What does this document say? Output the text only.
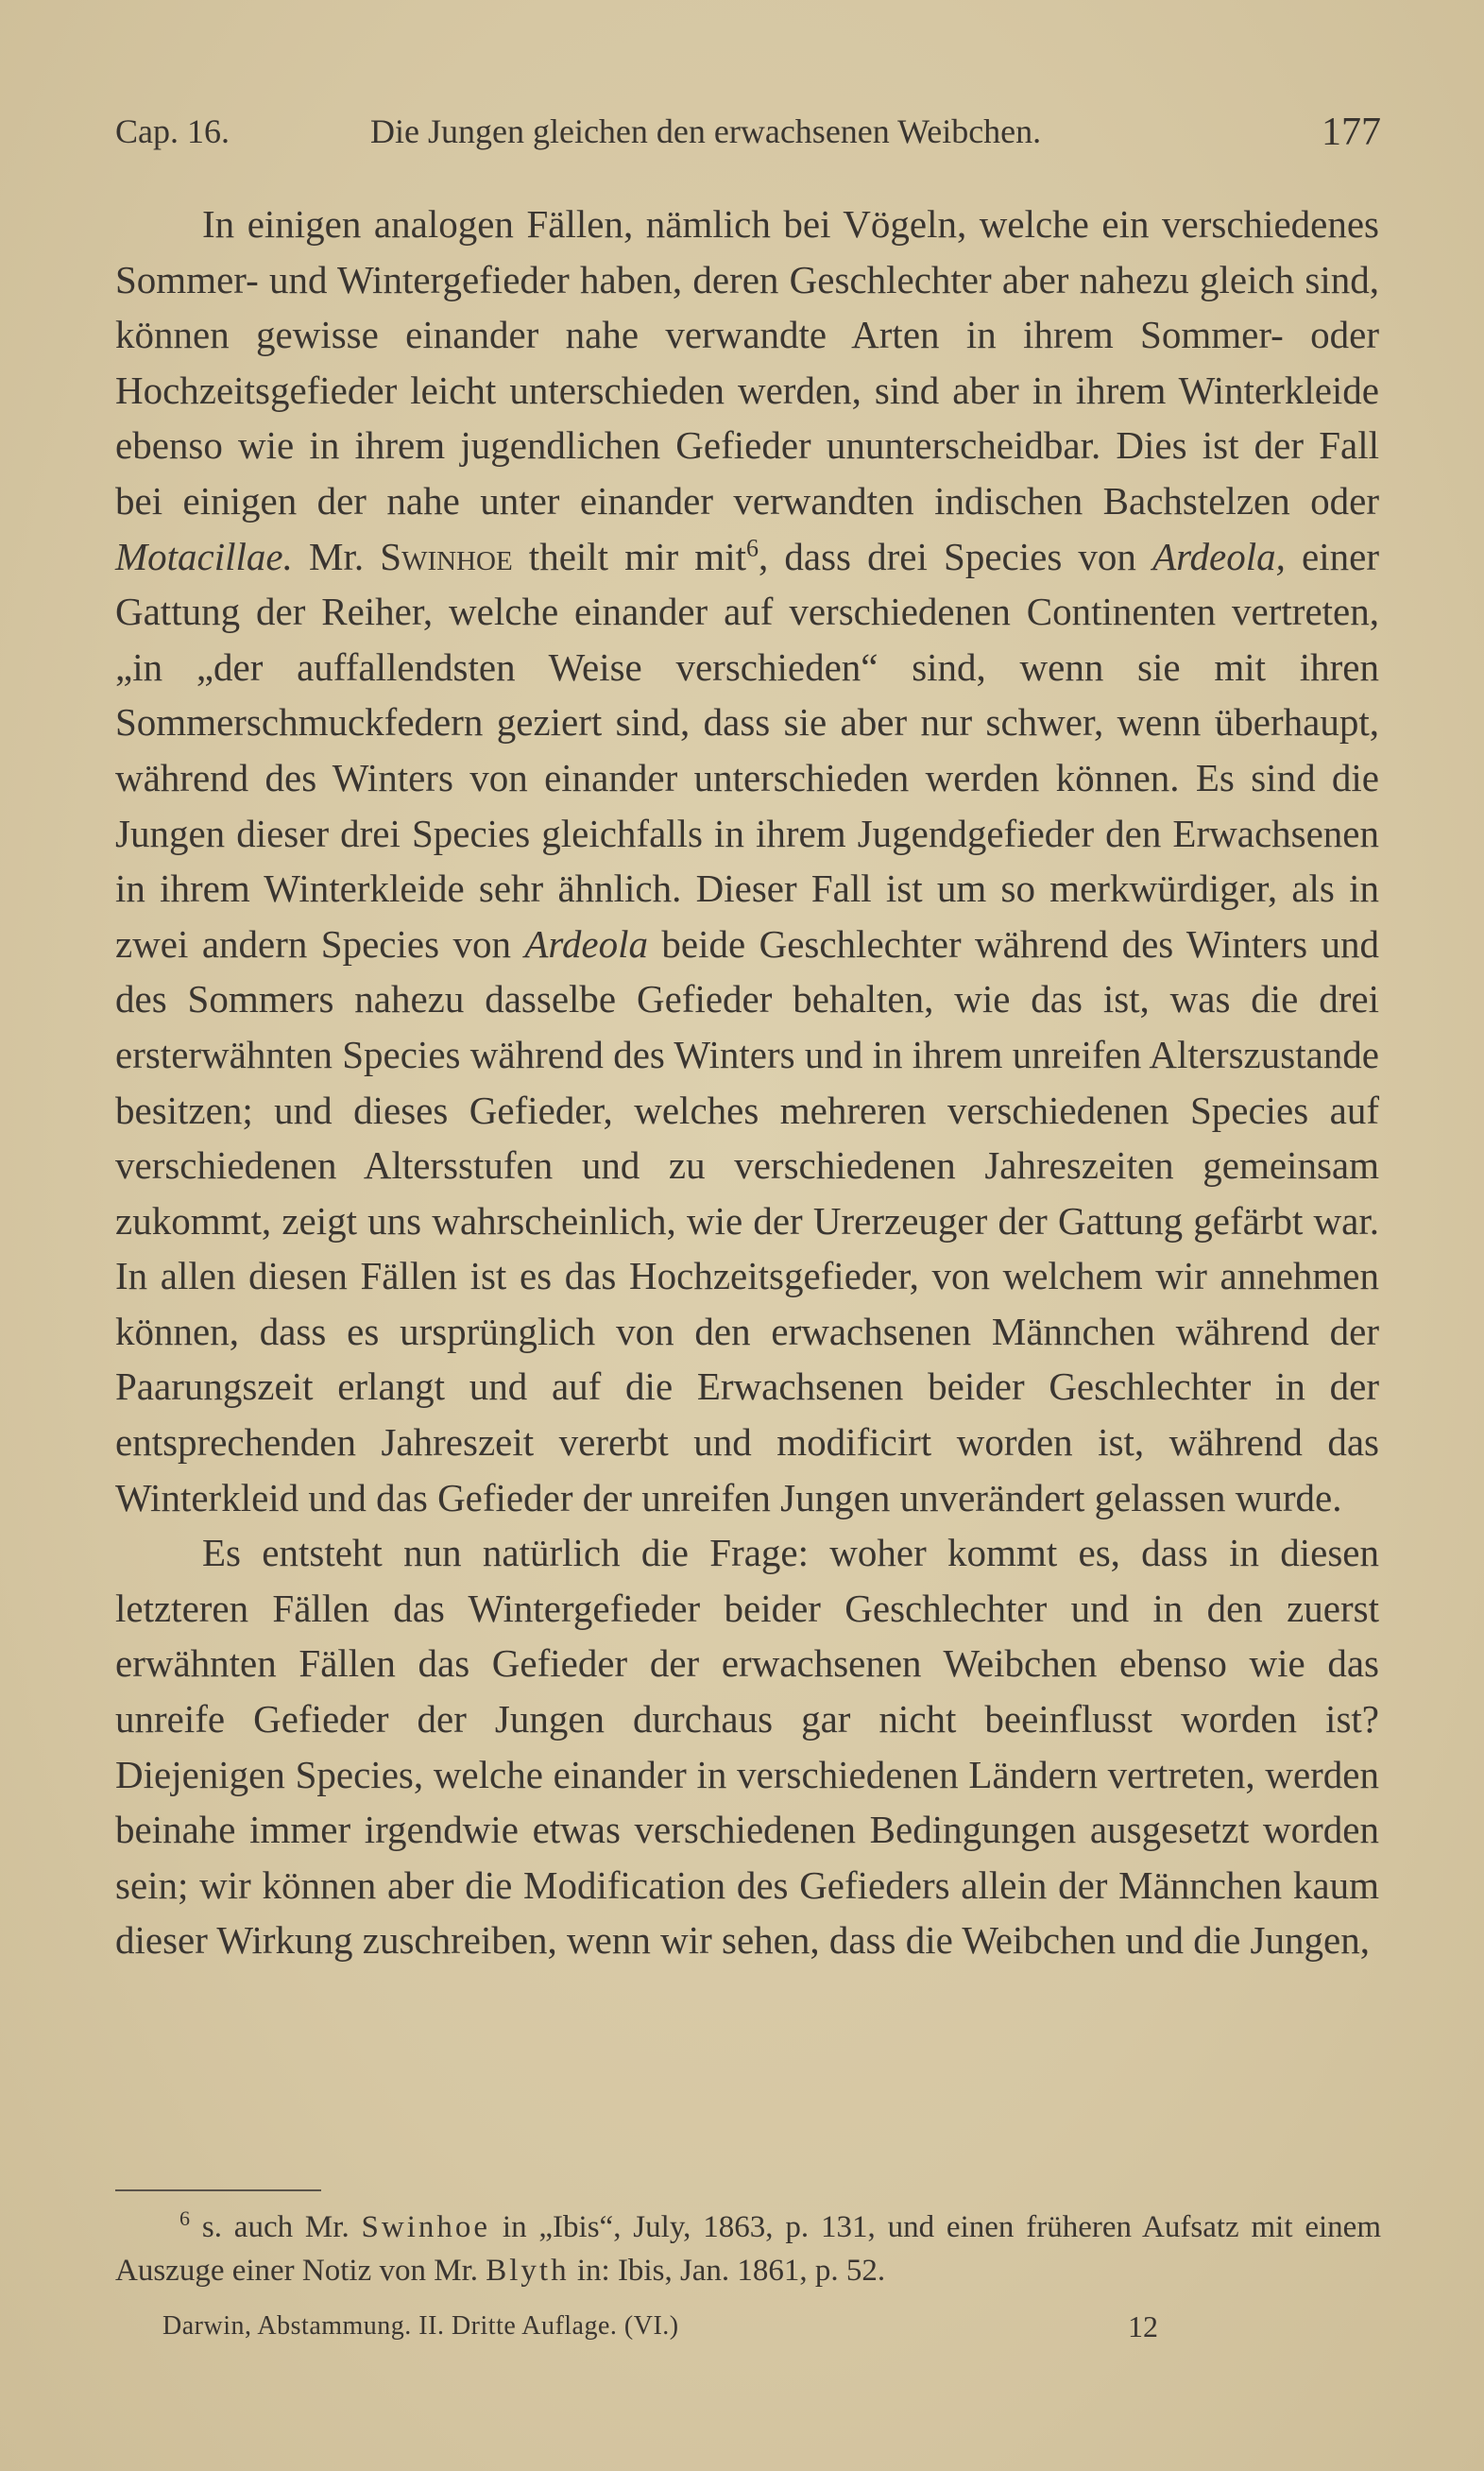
Cap. 16.	Die Jungen gleichen den erwachsenen Weibchen.	177

In einigen analogen Fällen, nämlich bei Vögeln, welche ein verschiedenes Sommer- und Wintergefieder haben, deren Geschlechter aber nahezu gleich sind, können gewisse einander nahe verwandte Arten in ihrem Sommer- oder Hochzeitsgefieder leicht unterschieden werden, sind aber in ihrem Winterkleide ebenso wie in ihrem jugendlichen Gefieder ununterscheidbar. Dies ist der Fall bei einigen der nahe unter einander verwandten indischen Bachstelzen oder Motacillae. Mr. Swinhoe theilt mir mit$^6$, dass drei Species von Ardeola, einer Gattung der Reiher, welche einander auf verschiedenen Continenten vertreten, „in „der auffallendsten Weise verschieden“ sind, wenn sie mit ihren Sommerschmuckfedern geziert sind, dass sie aber nur schwer, wenn überhaupt, während des Winters von einander unterschieden werden können. Es sind die Jungen dieser drei Species gleichfalls in ihrem Jugendgefieder den Erwachsenen in ihrem Winterkleide sehr ähnlich. Dieser Fall ist um so merkwürdiger, als in zwei andern Species von Ardeola beide Geschlechter während des Winters und des Sommers nahezu dasselbe Gefieder behalten, wie das ist, was die drei ersterwähnten Species während des Winters und in ihrem unreifen Alterszustande besitzen; und dieses Gefieder, welches mehreren verschiedenen Species auf verschiedenen Altersstufen und zu verschiedenen Jahreszeiten gemeinsam zukommt, zeigt uns wahrscheinlich, wie der Urerzeuger der Gattung gefärbt war. In allen diesen Fällen ist es das Hochzeitsgefieder, von welchem wir annehmen können, dass es ursprünglich von den erwachsenen Männchen während der Paarungszeit erlangt und auf die Erwachsenen beider Geschlechter in der entsprechenden Jahreszeit vererbt und modificirt worden ist, während das Winterkleid und das Gefieder der unreifen Jungen unverändert gelassen wurde.

Es entsteht nun natürlich die Frage: woher kommt es, dass in diesen letzteren Fällen das Wintergefieder beider Geschlechter und in den zuerst erwähnten Fällen das Gefieder der erwachsenen Weibchen ebenso wie das unreife Gefieder der Jungen durchaus gar nicht beeinflusst worden ist? Diejenigen Species, welche einander in verschiedenen Ländern vertreten, werden beinahe immer irgendwie etwas verschiedenen Bedingungen ausgesetzt worden sein; wir können aber die Modification des Gefieders allein der Männchen kaum dieser Wirkung zuschreiben, wenn wir sehen, dass die Weibchen und die Jungen,

$^6$ s. auch Mr. Swinhoe in „Ibis“, July, 1863, p. 131, und einen früheren Aufsatz mit einem Auszuge einer Notiz von Mr. Blyth in: Ibis, Jan. 1861, p. 52.

Darwin, Abstammung. II. Dritte Auflage. (VI.)	12
